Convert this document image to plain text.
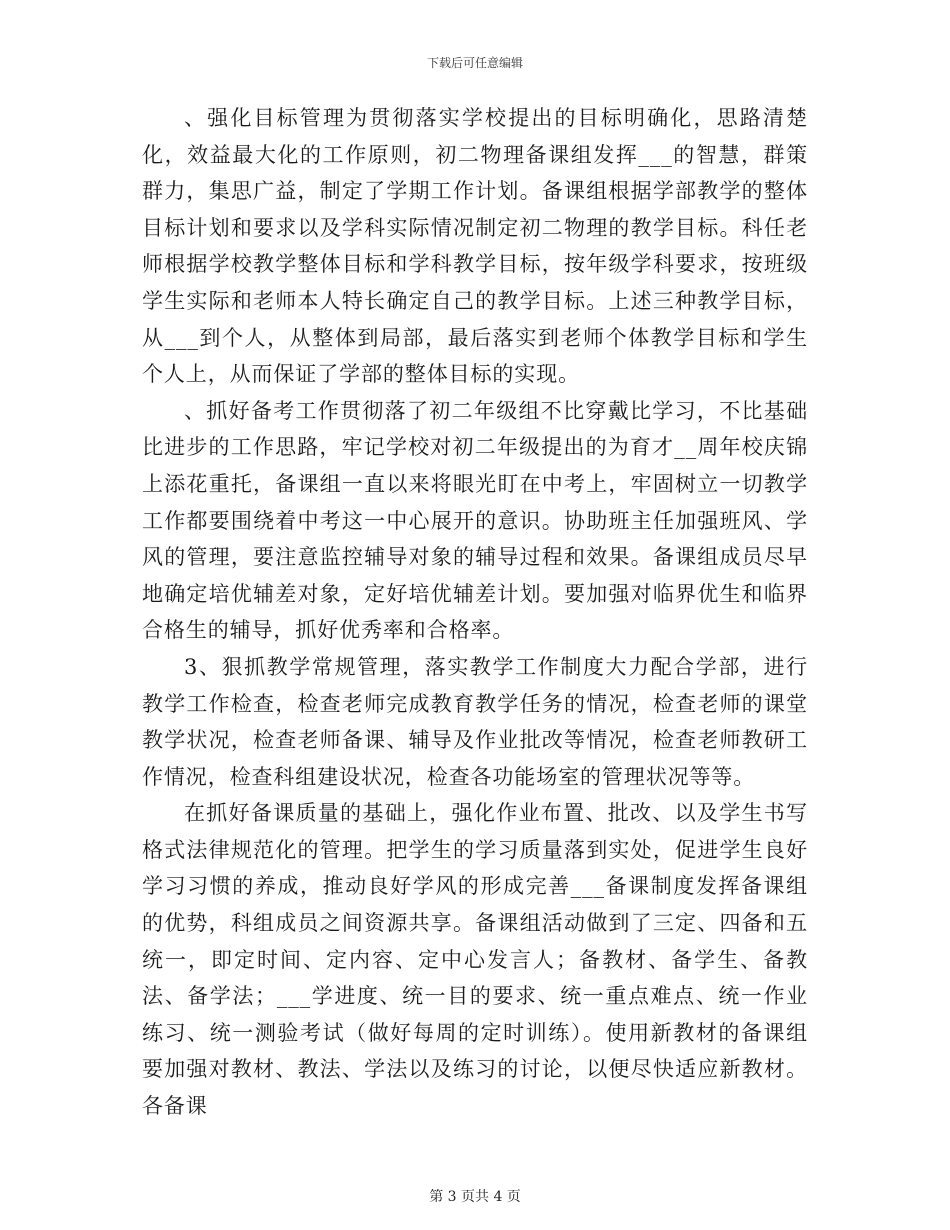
下载后可任意编辑

、强化目标管理为贯彻落实学校提出的目标明确化，思路清楚化，效益最大化的工作原则，初二物理备课组发挥___的智慧，群策群力，集思广益，制定了学期工作计划。备课组根据学部教学的整体目标计划和要求以及学科实际情况制定初二物理的教学目标。科任老师根据学校教学整体目标和学科教学目标，按年级学科要求，按班级学生实际和老师本人特长确定自己的教学目标。上述三种教学目标，从___到个人，从整体到局部，最后落实到老师个体教学目标和学生个人上，从而保证了学部的整体目标的实现。

、抓好备考工作贯彻落了初二年级组不比穿戴比学习，不比基础比进步的工作思路，牢记学校对初二年级提出的为育才__周年校庆锦上添花重托，备课组一直以来将眼光盯在中考上，牢固树立一切教学工作都要围绕着中考这一中心展开的意识。协助班主任加强班风、学风的管理，要注意监控辅导对象的辅导过程和效果。备课组成员尽早地确定培优辅差对象，定好培优辅差计划。要加强对临界优生和临界合格生的辅导，抓好优秀率和合格率。

3、狠抓教学常规管理，落实教学工作制度大力配合学部，进行教学工作检查，检查老师完成教育教学任务的情况，检查老师的课堂教学状况，检查老师备课、辅导及作业批改等情况，检查老师教研工作情况，检查科组建设状况，检查各功能场室的管理状况等等。

在抓好备课质量的基础上，强化作业布置、批改、以及学生书写格式法律规范化的管理。把学生的学习质量落到实处，促进学生良好学习习惯的养成，推动良好学风的形成完善___备课制度发挥备课组的优势，科组成员之间资源共享。备课组活动做到了三定、四备和五统一，即定时间、定内容、定中心发言人；备教材、备学生、备教法、备学法；___学进度、统一目的要求、统一重点难点、统一作业练习、统一测验考试（做好每周的定时训练）。使用新教材的备课组要加强对教材、教法、学法以及练习的讨论，以便尽快适应新教材。各备课

第 3 页共 4 页
